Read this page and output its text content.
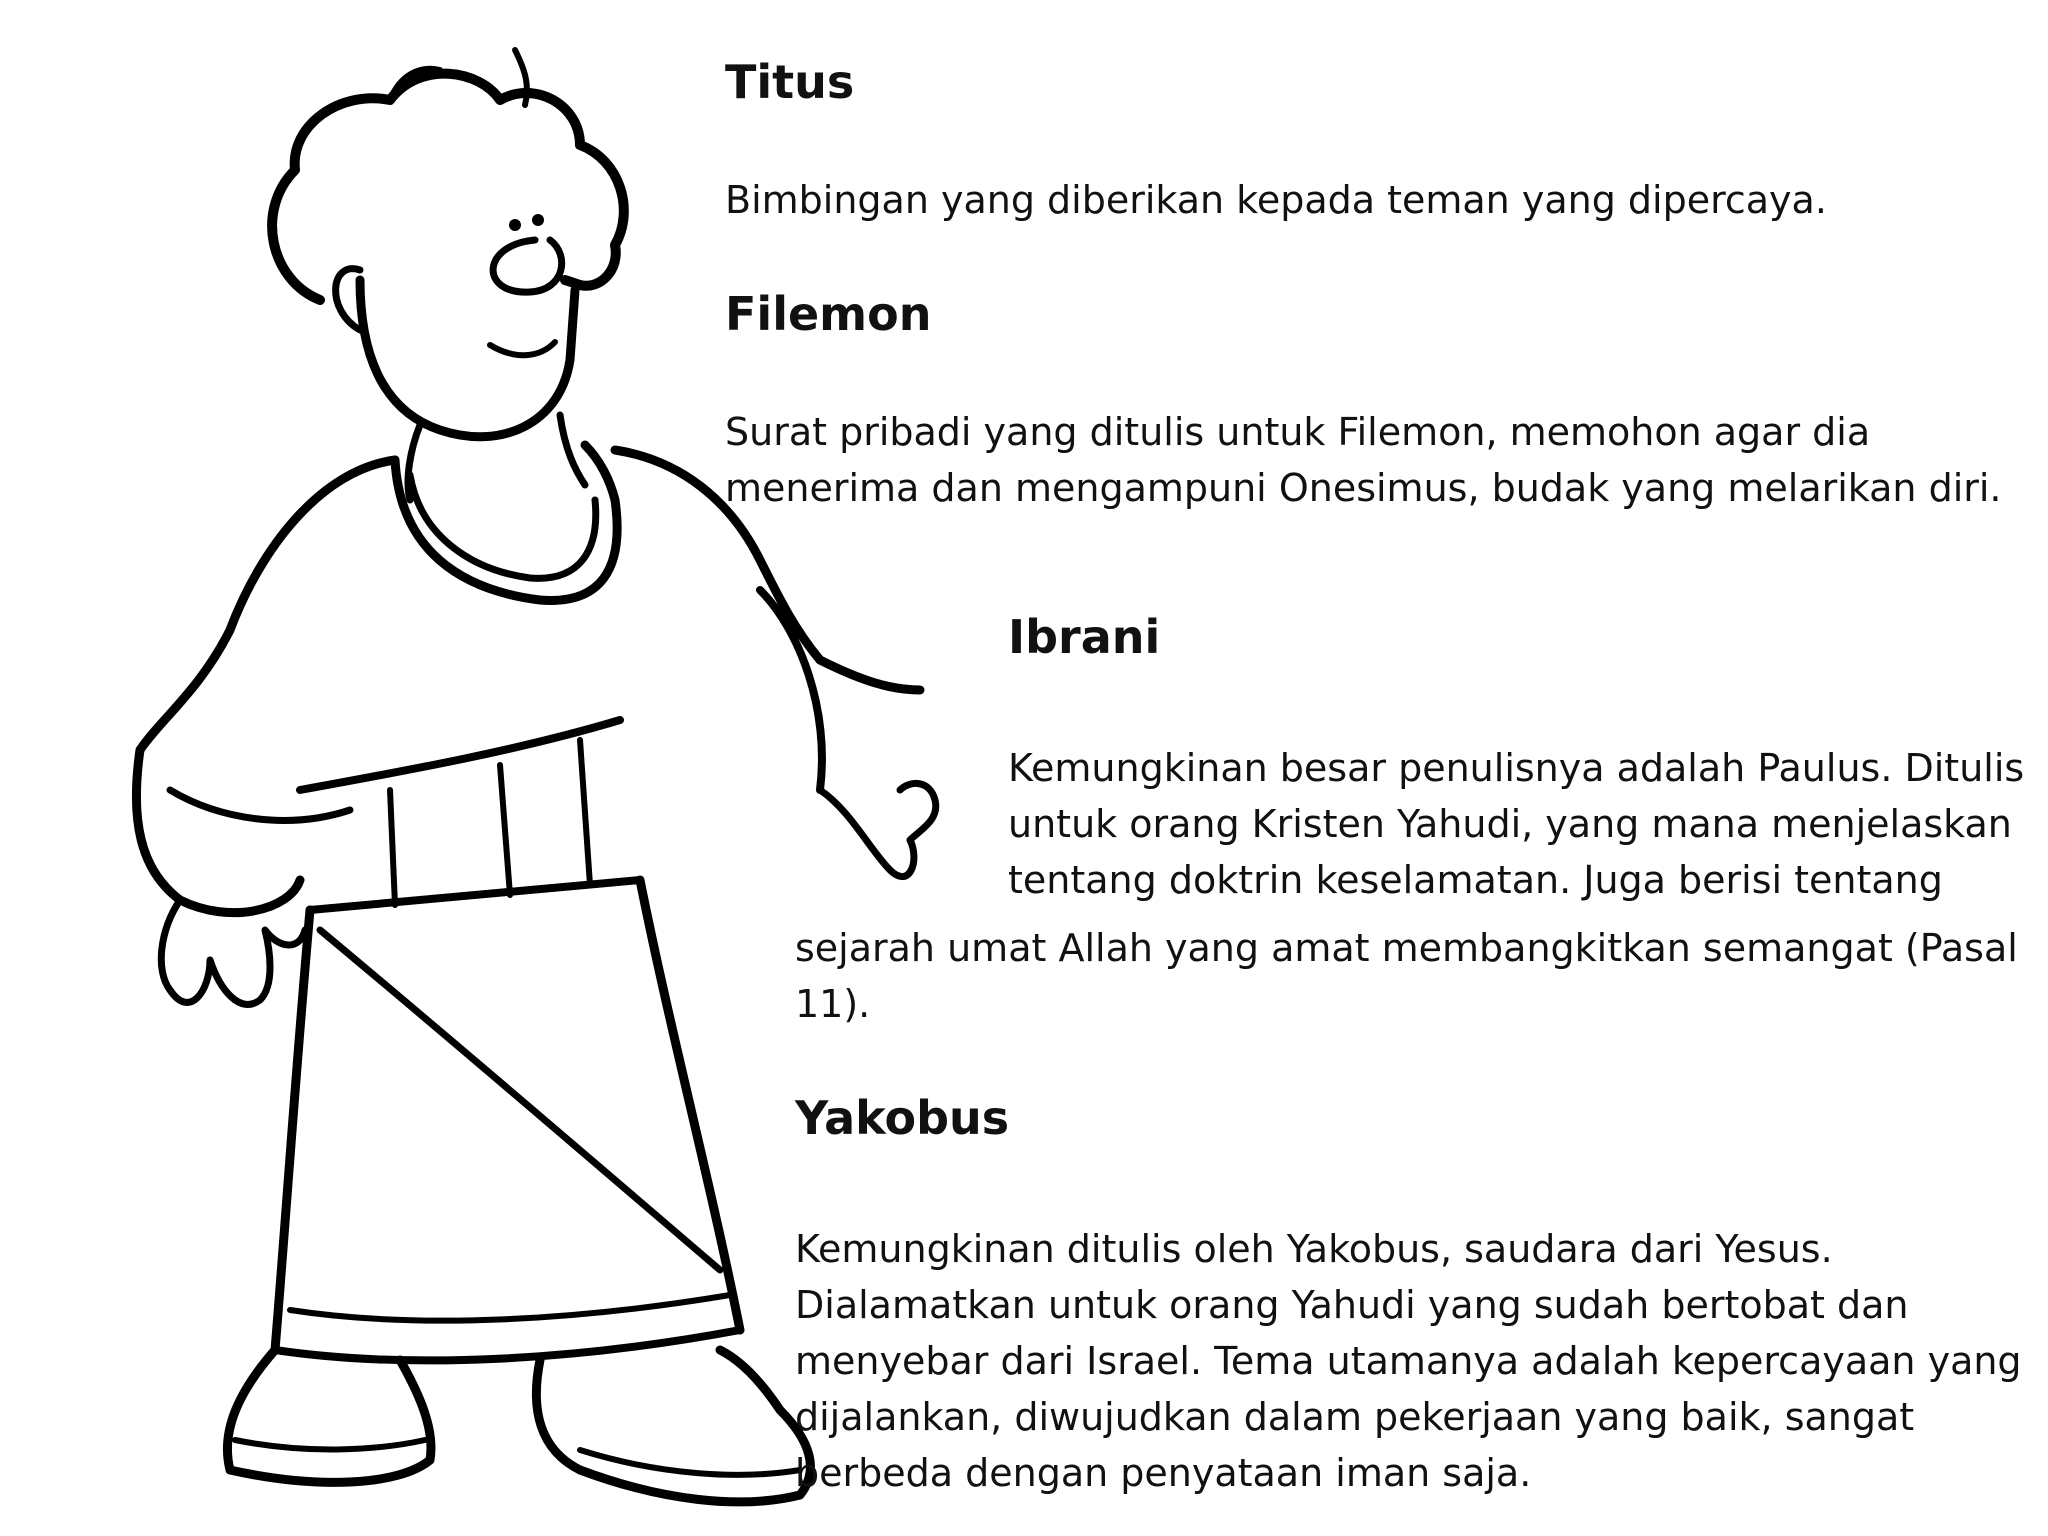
Titus

Bimbingan yang diberikan kepada teman yang dipercaya.

Filemon

Surat pribadi yang ditulis untuk Filemon, memohon agar dia
menerima dan mengampuni Onesimus, budak yang melarikan diri.

Ibrani

Kemungkinan besar penulisnya adalah Paulus. Ditulis
untuk orang Kristen Yahudi, yang mana menjelaskan
tentang doktrin keselamatan. Juga berisi tentang

sejarah umat Allah yang amat membangkitkan semangat (Pasal
11).

Yakobus

Kemungkinan ditulis oleh Yakobus, saudara dari Yesus.
Dialamatkan untuk orang Yahudi yang sudah bertobat dan
menyebar dari Israel. Tema utamanya adalah kepercayaan yang
dijalankan, diwujudkan dalam pekerjaan yang baik, sangat
berbeda dengan penyataan iman saja.
